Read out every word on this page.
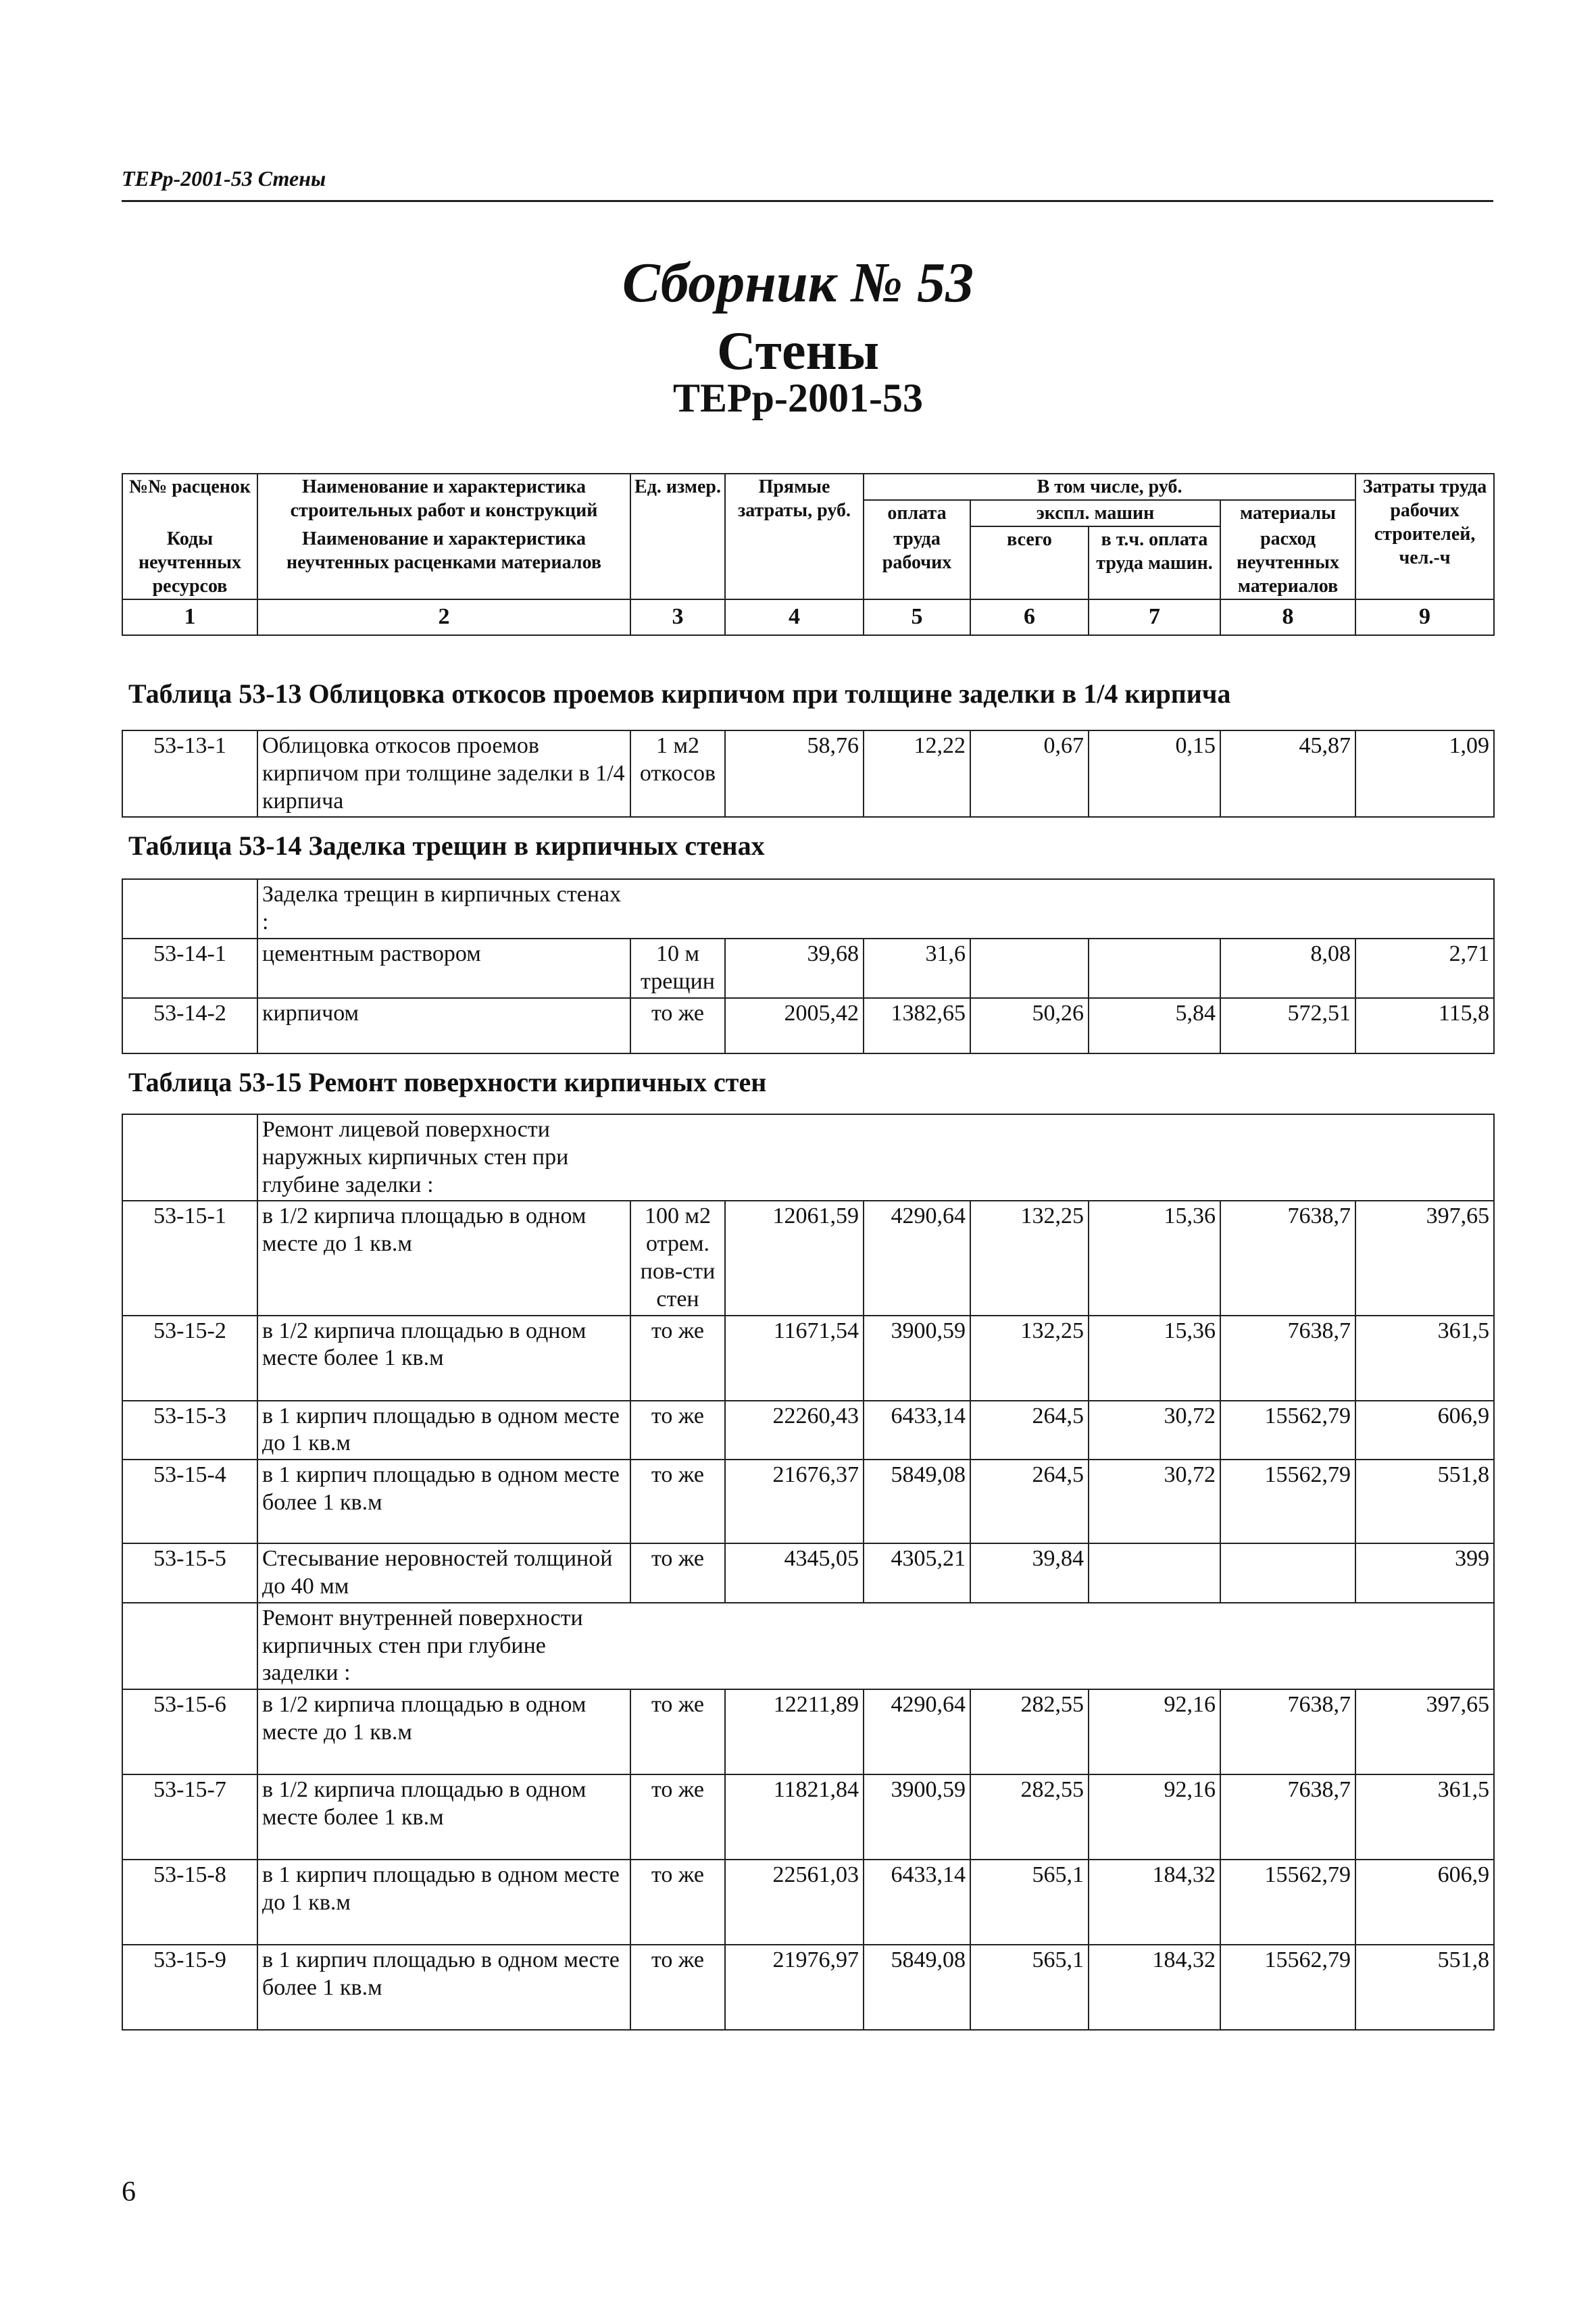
ТЕРр-2001-53 Стены
Сборник № 53
Стены
ТЕРр-2001-53
№№ расценок	Наименование и характеристика строительных работ и конструкций	Ед. измер.	Прямые затраты, руб.	В том числе, руб.				Затраты труда рабочих строителей, чел.-ч
				оплата	экспл. машин		материалы	
Коды неучтенных ресурсов	Наименование и характеристика неучтенных расценками материалов			труда рабочих	всего	в т.ч. оплата труда машин.	расход неучтенных материалов	
1	2	3	4	5	6	7	8	9
Таблица 53-13 Облицовка откосов проемов кирпичом при толщине заделки в 1/4 кирпича
53-13-1	Облицовка откосов проемов кирпичом при толщине заделки в 1/4 кирпича	1 м2 откосов	58,76	12,22	0,67	0,15	45,87	1,09
Таблица 53-14 Заделка трещин в кирпичных стенах
	Заделка трещин в кирпичных стенах :							
53-14-1	цементным раствором	10 м трещин	39,68	31,6			8,08	2,71
53-14-2	кирпичом	то же	2005,42	1382,65	50,26	5,84	572,51	115,8
Таблица 53-15 Ремонт поверхности кирпичных стен
	Ремонт лицевой поверхности наружных кирпичных стен при глубине заделки :							
53-15-1	в 1/2 кирпича площадью в одном месте до 1 кв.м	100 м2 отрем. пов-сти стен	12061,59	4290,64	132,25	15,36	7638,7	397,65
53-15-2	в 1/2 кирпича площадью в одном месте более 1 кв.м	то же	11671,54	3900,59	132,25	15,36	7638,7	361,5
53-15-3	в 1 кирпич площадью в одном месте до 1 кв.м	то же	22260,43	6433,14	264,5	30,72	15562,79	606,9
53-15-4	в 1 кирпич площадью в одном месте более 1 кв.м	то же	21676,37	5849,08	264,5	30,72	15562,79	551,8
53-15-5	Стесывание неровностей толщиной до 40 мм	то же	4345,05	4305,21	39,84			399
	Ремонт внутренней поверхности кирпичных стен при глубине заделки :							
53-15-6	в 1/2 кирпича площадью в одном месте до 1 кв.м	то же	12211,89	4290,64	282,55	92,16	7638,7	397,65
53-15-7	в 1/2 кирпича площадью в одном месте более 1 кв.м	то же	11821,84	3900,59	282,55	92,16	7638,7	361,5
53-15-8	в 1 кирпич площадью в одном месте до 1 кв.м	то же	22561,03	6433,14	565,1	184,32	15562,79	606,9
53-15-9	в 1 кирпич площадью в одном месте более 1 кв.м	то же	21976,97	5849,08	565,1	184,32	15562,79	551,8
6
